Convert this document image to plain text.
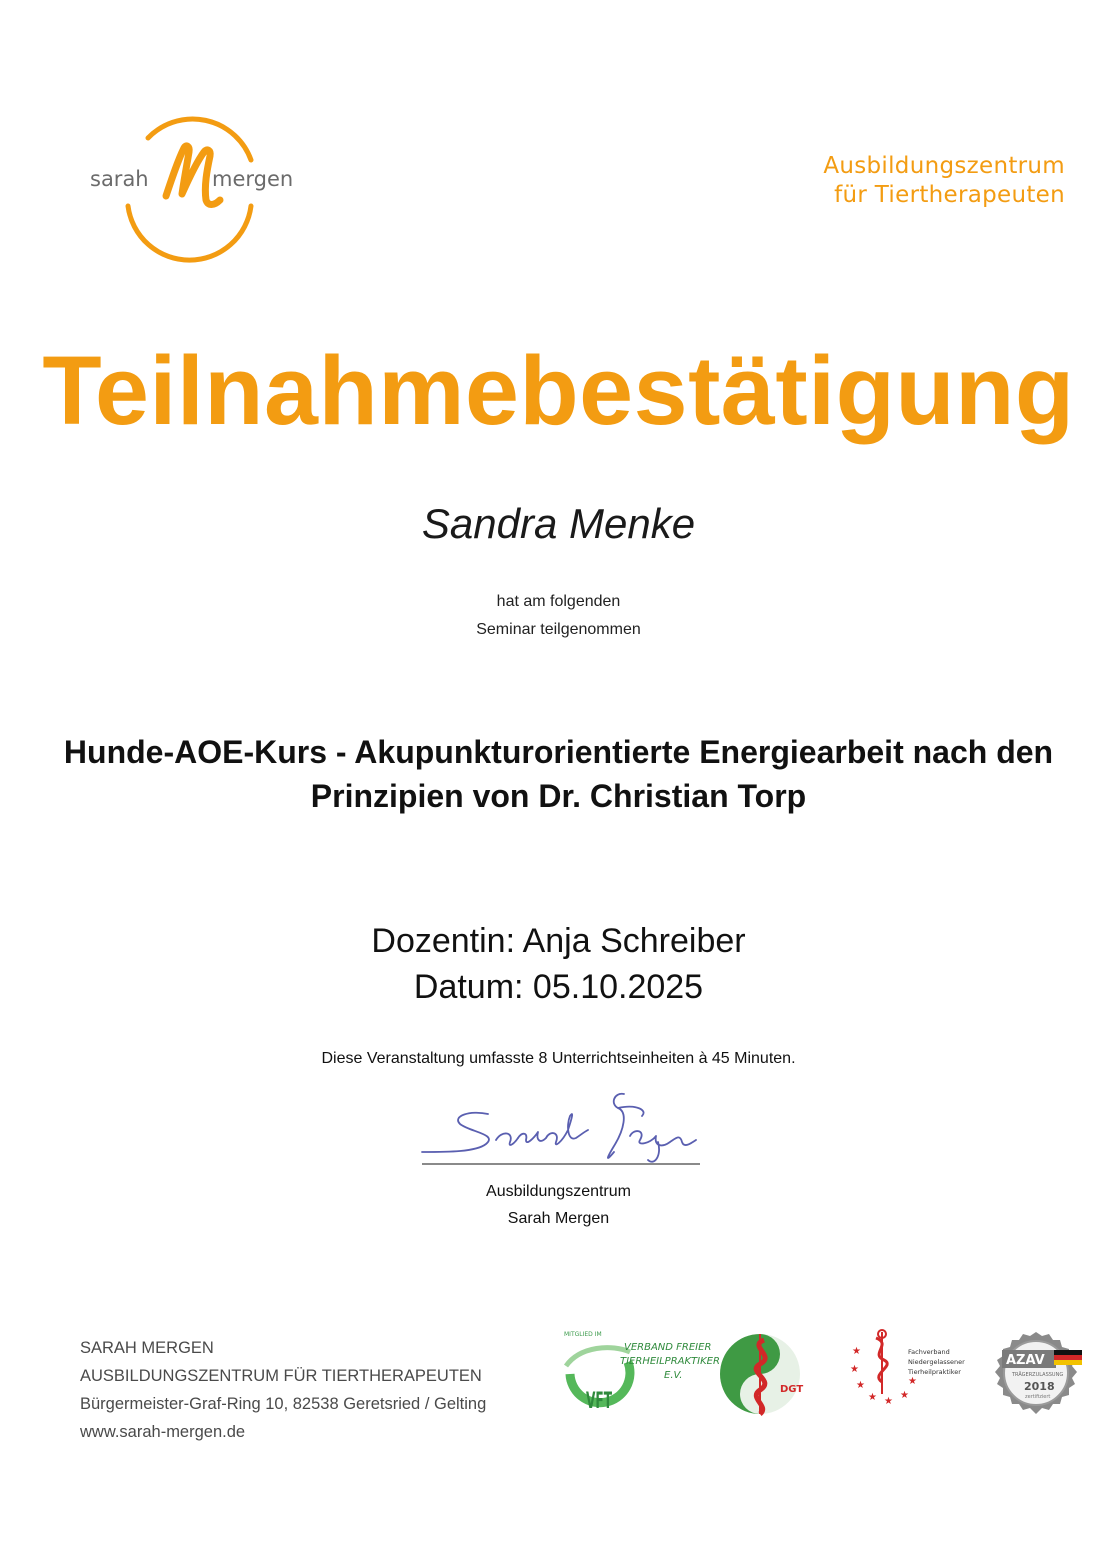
sarah	mergen	Ausbildungszentrum
für Tiertherapeuten
Teilnahmebestätigung
Sandra Menke
hat am folgenden
Seminar teilgenommen
Hunde-AOE-Kurs - Akupunkturorientierte Energiearbeit nach den
Prinzipien von Dr. Christian Torp
Dozentin: Anja Schreiber
Datum: 05.10.2025
Diese Veranstaltung umfasste 8 Unterrichtseinheiten à 45 Minuten.
Ausbildungszentrum
Sarah Mergen
SARAH MERGEN
AUSBILDUNGSZENTRUM FÜR TIERTHERAPEUTEN
Bürgermeister-Graf-Ring 10, 82538 Geretsried / Gelting
www.sarah-mergen.de
MITGLIED IM
VFT
VERBAND FREIER
TIERHEILPRAKTIKER
E.V.
DGT
★
★
★
★ ★
★
★
Fachverband
Niedergelassener
Tierheilpraktiker
AZAV
TRÄGERZULASSUNG
2018
zertifiziert
